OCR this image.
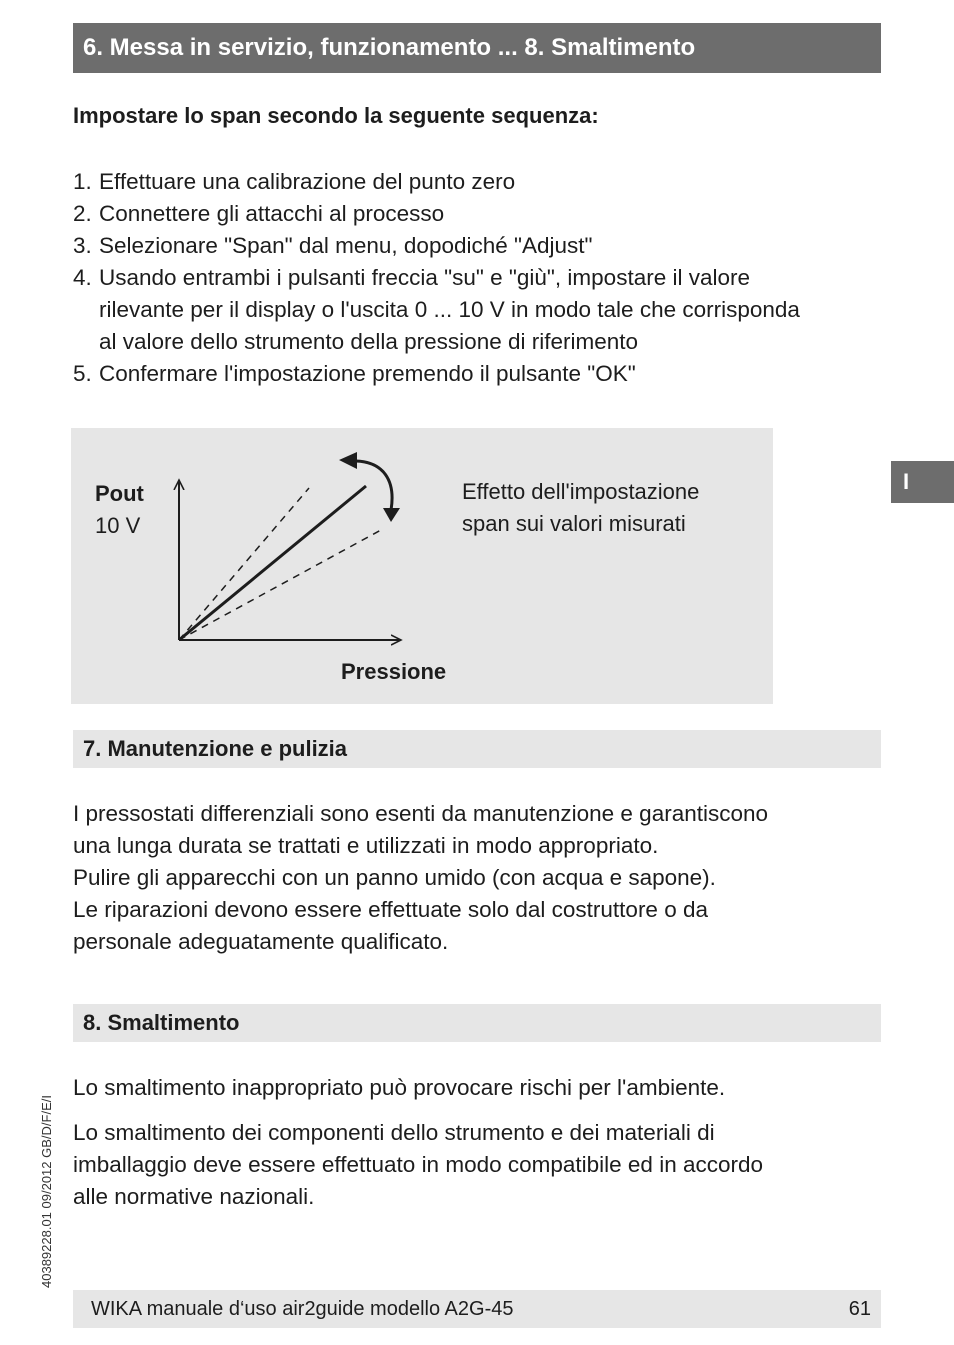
6. Messa in servizio, funzionamento ... 8. Smaltimento
Impostare lo span secondo la seguente sequenza:
1. Effettuare una calibrazione del punto zero
2. Connettere gli attacchi al processo
3. Selezionare "Span" dal menu, dopodiché "Adjust"
4. Usando entrambi i pulsanti freccia "su" e "giù", impostare il valore
rilevante per il display o l'uscita 0 ... 10 V in modo tale che corrisponda
al valore dello strumento della pressione di riferimento
5. Confermare l'impostazione premendo il pulsante "OK"
Pout
10 V
Pressione
Effetto dell'impostazione
span sui valori misurati
7. Manutenzione e pulizia
I pressostati differenziali sono esenti da manutenzione e garantiscono
una lunga durata se trattati e utilizzati in modo appropriato.
Pulire gli apparecchi con un panno umido (con acqua e sapone).
Le riparazioni devono essere effettuate solo dal costruttore o da
personale adeguatamente qualificato.
8. Smaltimento
Lo smaltimento inappropriato può provocare rischi per l'ambiente.
Lo smaltimento dei componenti dello strumento e dei materiali di
imballaggio deve essere effettuato in modo compatibile ed in accordo
alle normative nazionali.
I
40389228.01 09/2012 GB/D/F/E/I
WIKA manuale d‘uso air2guide modello A2G-45	61
